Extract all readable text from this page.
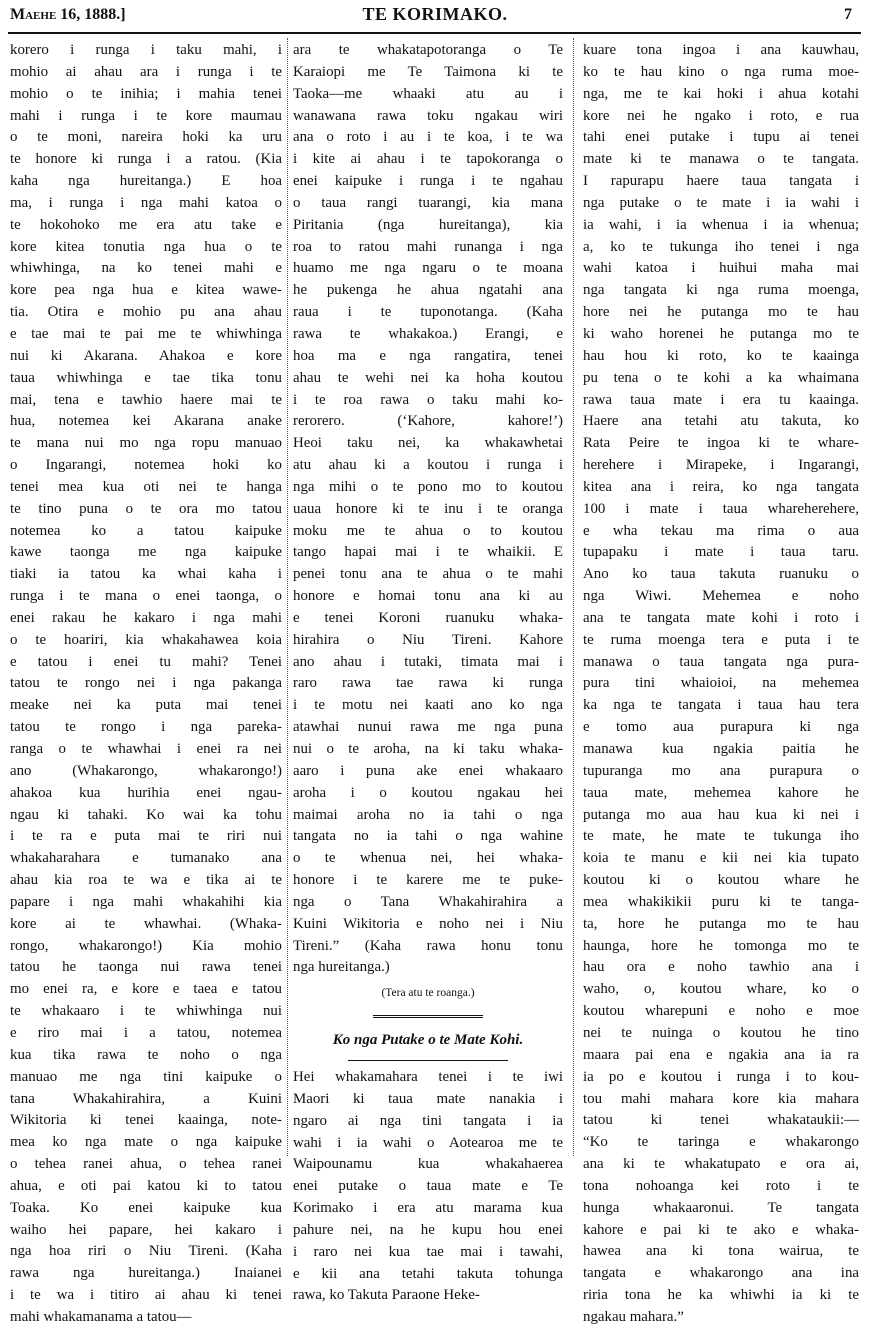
Maehe 16, 1888.]	TE KORIMAKO.	7
korero i runga i taku mahi, i
mohio ai ahau ara i runga i te
mohio o te inihia; i mahia tenei
mahi i runga i te kore maumau
o te moni, nareira hoki ka uru
te honore ki runga i a ratou. (Kia
kaha nga hureitanga.) E hoa
ma, i runga i nga mahi katoa o
te hokohoko me era atu take e
kore kitea tonutia nga hua o te
whiwhinga, na ko tenei mahi e
kore pea nga hua e kitea wawe-
tia. Otira e mohio pu ana ahau
e tae mai te pai me te whiwhinga
nui ki Akarana. Ahakoa e kore
taua whiwhinga e tae tika tonu
mai, tena e tawhio haere mai te
hua, notemea kei Akarana anake
te mana nui mo nga ropu manuao
o Ingarangi, notemea hoki ko
tenei mea kua oti nei te hanga
te tino puna o te ora mo tatou
notemea ko a tatou kaipuke
kawe taonga me nga kaipuke
tiaki ia tatou ka whai kaha i
runga i te mana o enei taonga, o
enei rakau he kakaro i nga mahi
o te hoariri, kia whakahawea koia
e tatou i enei tu mahi? Tenei
tatou te rongo nei i nga pakanga
meake nei ka puta mai tenei
tatou te rongo i nga pareka-
ranga o te whawhai i enei ra nei
ano (Whakarongo, whakarongo!)
ahakoa kua hurihia enei ngau-
ngau ki tahaki. Ko wai ka tohu
i te ra e puta mai te riri nui
whakaharahara e tumanako ana
ahau kia roa te wa e tika ai te
papare i nga mahi whakahihi kia
kore ai te whawhai. (Whaka-
rongo, whakarongo!) Kia mohio
tatou he taonga nui rawa tenei
mo enei ra, e kore e taea e tatou
te whakaaro i te whiwhinga nui
e riro mai i a tatou, notemea
kua tika rawa te noho o nga
manuao me nga tini kaipuke o
tana Whakahirahira, a Kuini
Wikitoria ki tenei kaainga, note-
mea ko nga mate o nga kaipuke
o tehea ranei ahua, o tehea ranei
ahua, e oti pai katou ki to tatou
Toaka. Ko enei kaipuke kua
waiho hei papare, hei kakaro i
nga hoa riri o Niu Tireni. (Kaha
rawa nga hureitanga.) Inaianei
i te wa i titiro ai ahau ki tenei
mahi whakamanama a tatou—
ara te whakatapotoranga o Te
Karaiopi me Te Taimona ki te
Taoka—me whaaki atu au i
wanawana rawa toku ngakau wiri
ana o roto i au i te koa, i te wa
i kite ai ahau i te tapokoranga o
enei kaipuke i runga i te ngahau
o taua rangi tuarangi, kia mana
Piritania (nga hureitanga), kia
roa to ratou mahi runanga i nga
huamo me nga ngaru o te moana
he pukenga he ahua ngatahi ana
raua i te tuponotanga. (Kaha
rawa te whakakoa.) Erangi, e
hoa ma e nga rangatira, tenei
ahau te wehi nei ka hoha koutou
i te roa rawa o taku mahi ko-
rerorero. (‘Kahore, kahore!’)
Heoi taku nei, ka whakawhetai
atu ahau ki a koutou i runga i
nga mihi o te pono mo to koutou
uaua honore ki te inu i te oranga
moku me te ahua o to koutou
tango hapai mai i te whaikii. E
penei tonu ana te ahua o te mahi
honore e homai tonu ana ki au
e tenei Koroni ruanuku whaka-
hirahira o Niu Tireni. Kahore
ano ahau i tutaki, timata mai i
raro rawa tae rawa ki runga
i te motu nei kaati ano ko nga
atawhai nunui rawa me nga puna
nui o te aroha, na ki taku whaka-
aaro i puna ake enei whakaaro
aroha i o koutou ngakau hei
maimai aroha no ia tahi o nga
tangata no ia tahi o nga wahine
o te whenua nei, hei whaka-
honore i te karere me te puke-
nga o Tana Whakahirahira a
Kuini Wikitoria e noho nei i Niu
Tireni.” (Kaha rawa honu tonu
nga hureitanga.)
(Tera atu te roanga.)
Ko nga Putake o te Mate Kohi.
Hei whakamahara tenei i te iwi
Maori ki taua mate nanakia i
ngaro ai nga tini tangata i ia
wahi i ia wahi o Aotearoa me te
Waipounamu kua whakahaerea
enei putake o taua mate e Te
Korimako i era atu marama kua
pahure nei, na he kupu hou enei
i raro nei kua tae mai i tawahi,
e kii ana tetahi takuta tohunga
rawa, ko Takuta Paraone Heke-
kuare tona ingoa i ana kauwhau,
ko te hau kino o nga ruma moe-
nga, me te kai hoki i ahua kotahi
kore nei he ngako i roto, e rua
tahi enei putake i tupu ai tenei
mate ki te manawa o te tangata.
I rapurapu haere taua tangata i
nga putake o te mate i ia wahi i
ia wahi, i ia whenua i ia whenua;
a, ko te tukunga iho tenei i nga
wahi katoa i huihui maha mai
nga tangata ki nga ruma moenga,
hore nei he putanga mo te hau
ki waho horenei he putanga mo te
hau hou ki roto, ko te kaainga
pu tena o te kohi a ka whaimana
rawa taua mate i era tu kaainga.
Haere ana tetahi atu takuta, ko
Rata Peire te ingoa ki te whare-
herehere i Mirapeke, i Ingarangi,
kitea ana i reira, ko nga tangata
100 i mate i taua whareherehere,
e wha tekau ma rima o aua
tupapaku i mate i taua taru.
Ano ko taua takuta ruanuku o
nga Wiwi. Mehemea e noho
ana te tangata mate kohi i roto i
te ruma moenga tera e puta i te
manawa o taua tangata nga pura-
pura tini whaioioi, na mehemea
ka nga te tangata i taua hau tera
e tomo aua purapura ki nga
manawa kua ngakia paitia he
tupuranga mo ana purapura o
taua mate, mehemea kahore he
putanga mo aua hau kua ki nei i
te mate, he mate te tukunga iho
koia te manu e kii nei kia tupato
koutou ki o koutou whare he
mea whakikikii puru ki te tanga-
ta, hore he putanga mo te hau
haunga, hore he tomonga mo te
hau ora e noho tawhio ana i
waho, o, koutou whare, ko o
koutou wharepuni e noho e moe
nei te nuinga o koutou he tino
maara pai ena e ngakia ana ia ra
ia po e koutou i runga i to kou-
tou mahi mahara kore kia mahara
tatou ki tenei whakataukii:—
“Ko te taringa e whakarongo
ana ki te whakatupato e ora ai,
tona nohoanga kei roto i te
hunga whakaaronui. Te tangata
kahore e pai ki te ako e whaka-
hawea ana ki tona wairua, te
tangata e whakarongo ana ina
riria tona he ka whiwhi ia ki te
ngakau mahara.”
